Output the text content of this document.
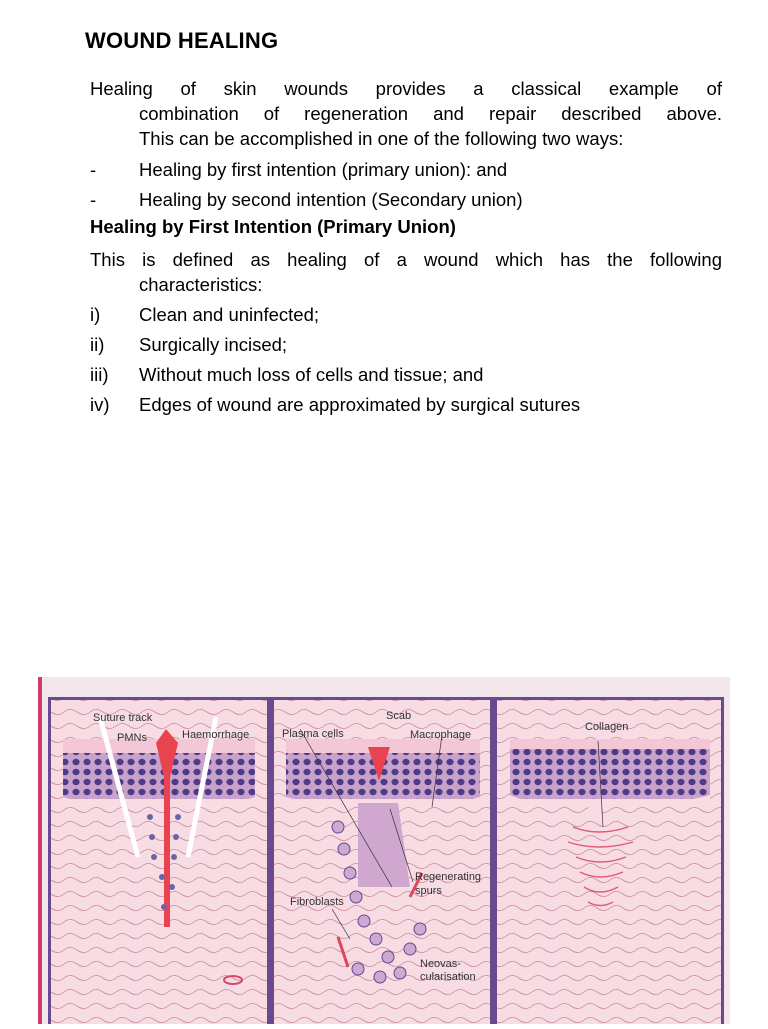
WOUND HEALING
Healing of skin wounds provides a classical example of
combination of regeneration and repair described above.
This can be accomplished in one of the following two ways:
- Healing by first intention (primary union): and
- Healing by second intention (Secondary union)
Healing by First Intention (Primary Union)
This is defined as healing of a wound which has the following
characteristics:
i) Clean and uninfected;
ii) Surgically incised;
iii) Without much loss of cells and tissue; and
iv) Edges of wound are approximated by surgical sutures
Suture track
PMNs	Haemorrhage	Plasma cells
Scab
Macrophage
Regenerating
spurs
Fibroblasts
Neovas-
cularisation
Collagen
